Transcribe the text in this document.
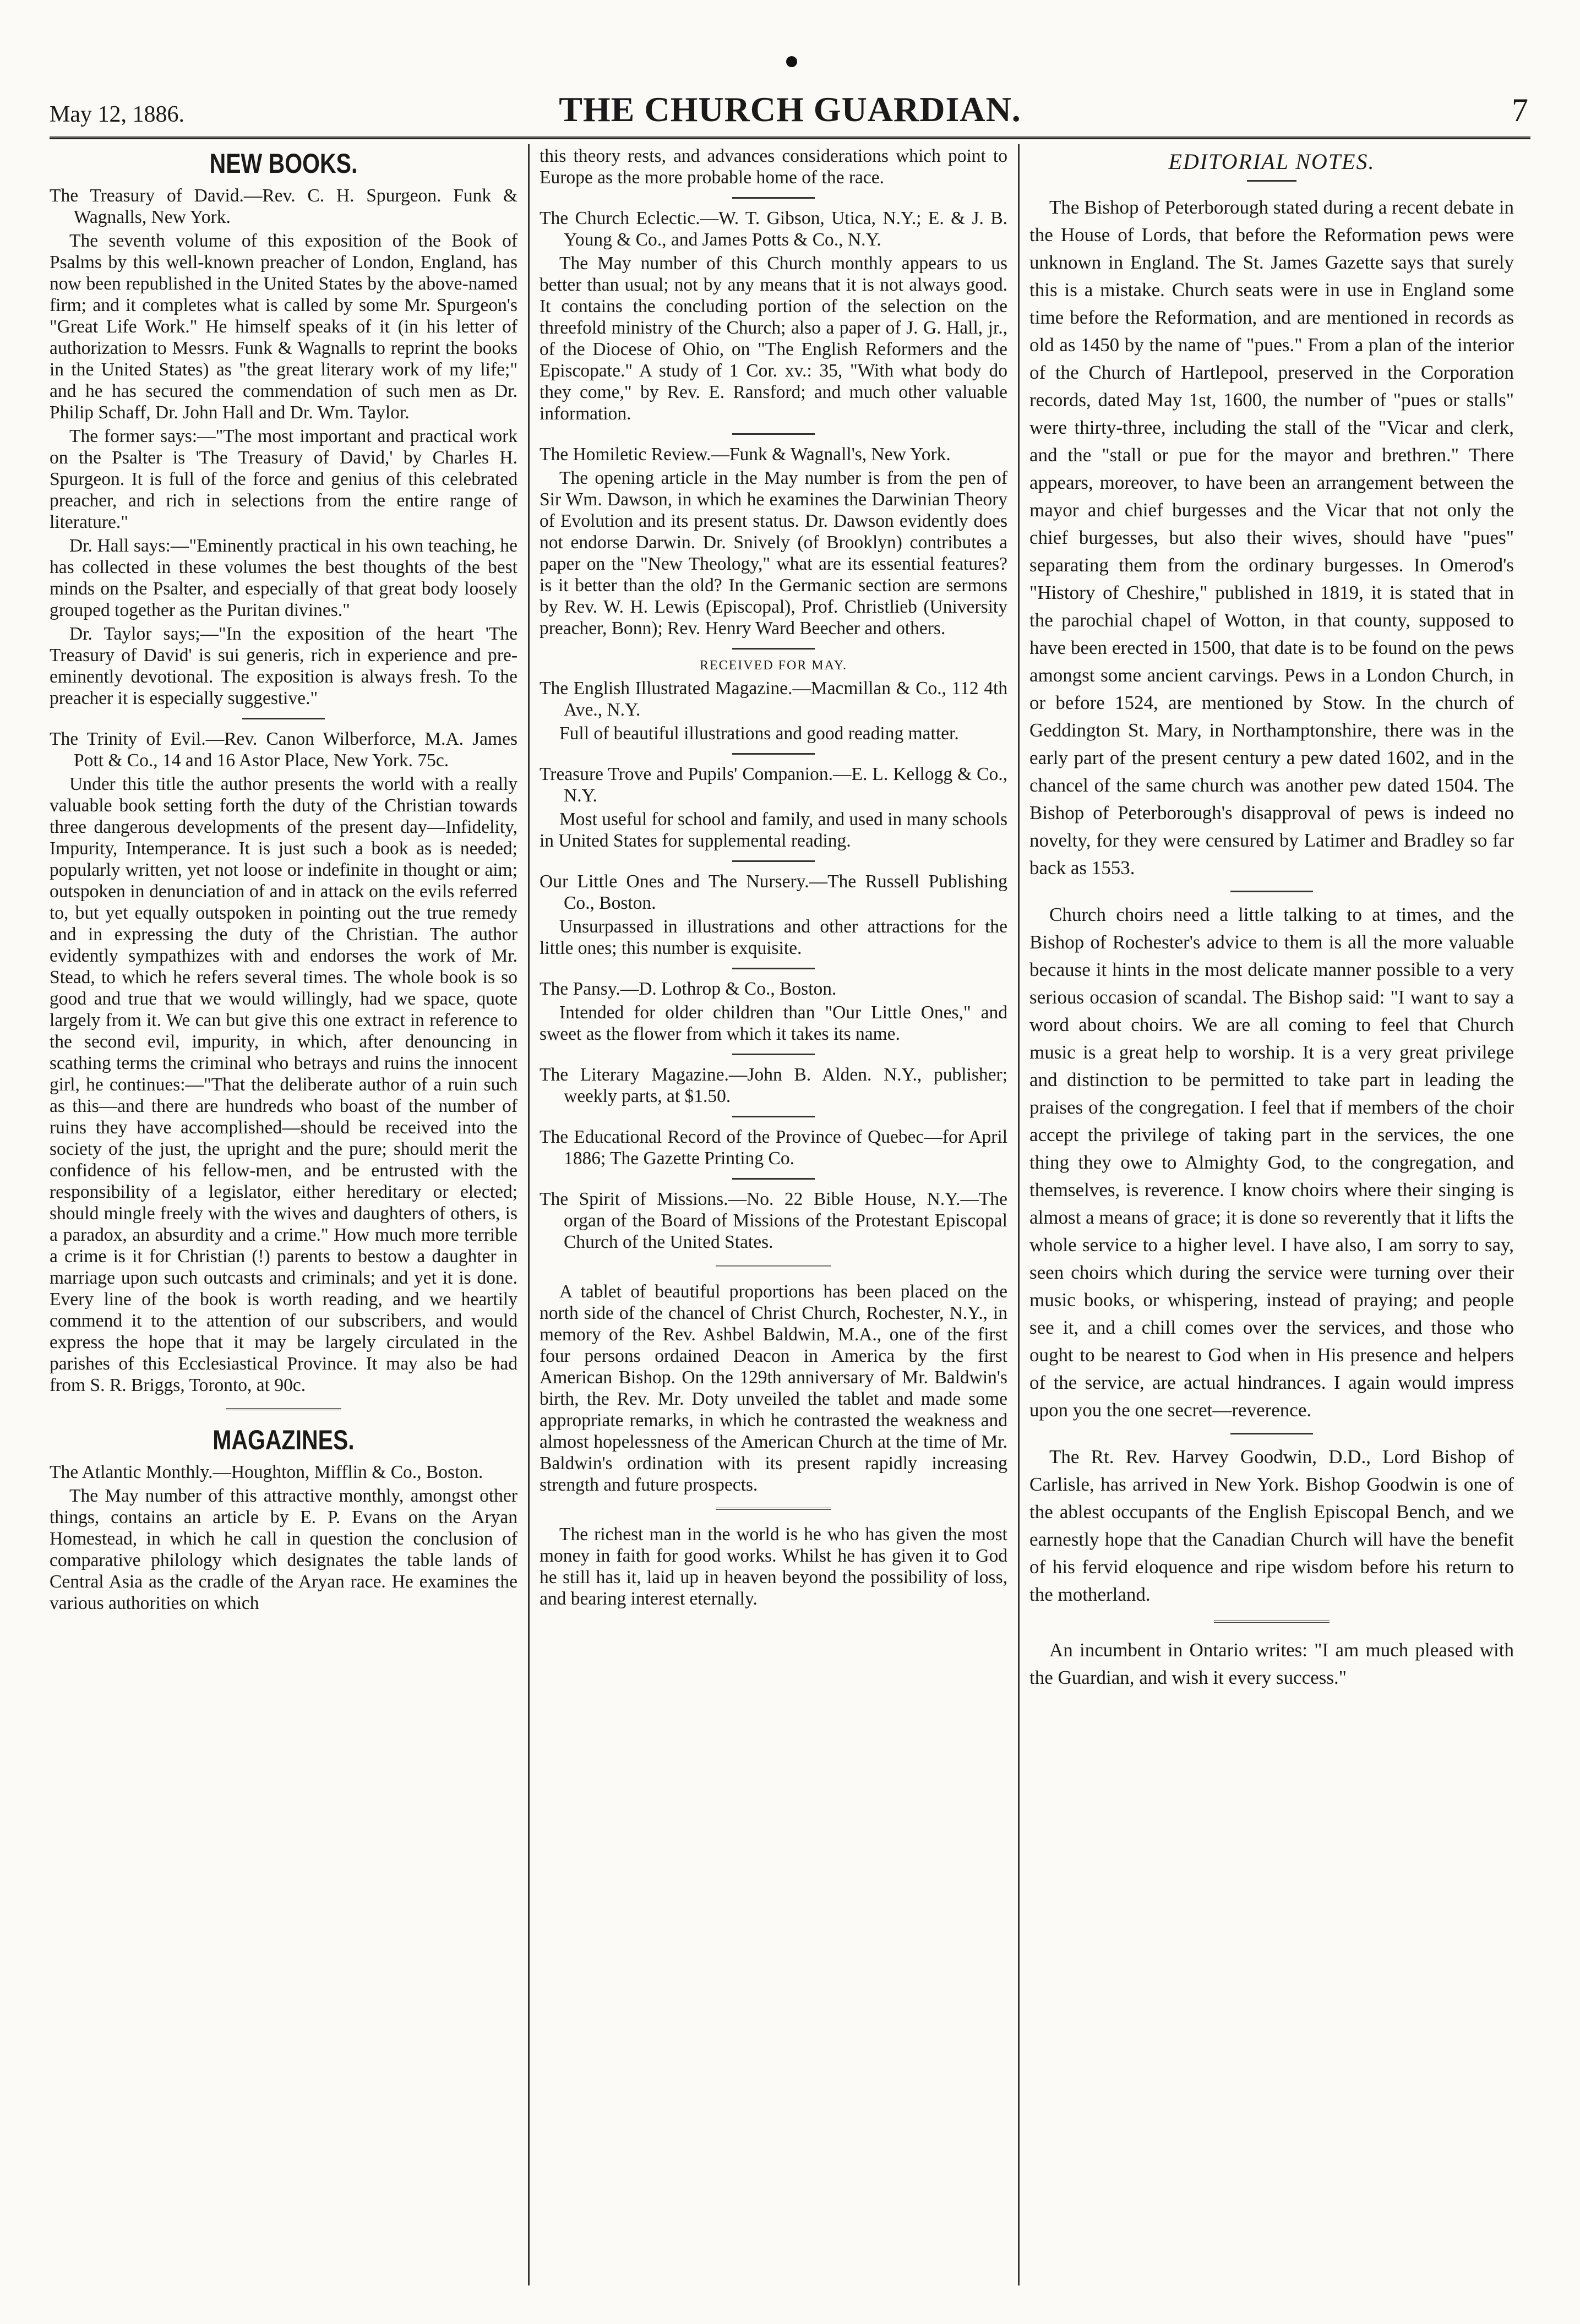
May 12, 1886.	THE CHURCH GUARDIAN.	7
NEW BOOKS.

The Treasury of David.—Rev. C. H. Spurgeon. Funk & Wagnalls, New York.

The seventh volume of this exposition of the Book of Psalms by this well-known preacher of London, England, has now been republished in the United States by the above-named firm; and it completes what is called by some Mr. Spurgeon's "Great Life Work." He himself speaks of it (in his letter of authorization to Messrs. Funk & Wagnalls to reprint the books in the United States) as "the great literary work of my life;" and he has secured the commendation of such men as Dr. Philip Schaff, Dr. John Hall and Dr. Wm. Taylor.

The former says:—"The most important and practical work on the Psalter is 'The Treasury of David,' by Charles H. Spurgeon. It is full of the force and genius of this celebrated preacher, and rich in selections from the entire range of literature."

Dr. Hall says:—"Eminently practical in his own teaching, he has collected in these volumes the best thoughts of the best minds on the Psalter, and especially of that great body loosely grouped together as the Puritan divines."

Dr. Taylor says;—"In the exposition of the heart 'The Treasury of David' is sui generis, rich in experience and pre-eminently devotional. The exposition is always fresh. To the preacher it is especially suggestive."

The Trinity of Evil.—Rev. Canon Wilberforce, M.A. James Pott & Co., 14 and 16 Astor Place, New York. 75c.

Under this title the author presents the world with a really valuable book setting forth the duty of the Christian towards three dangerous developments of the present day—Infidelity, Impurity, Intemperance. It is just such a book as is needed; popularly written, yet not loose or indefinite in thought or aim; outspoken in denunciation of and in attack on the evils referred to, but yet equally outspoken in pointing out the true remedy and in expressing the duty of the Christian. The author evidently sympathizes with and endorses the work of Mr. Stead, to which he refers several times. The whole book is so good and true that we would willingly, had we space, quote largely from it. We can but give this one extract in reference to the second evil, impurity, in which, after denouncing in scathing terms the criminal who betrays and ruins the innocent girl, he continues:—"That the deliberate author of a ruin such as this—and there are hundreds who boast of the number of ruins they have accomplished—should be received into the society of the just, the upright and the pure; should merit the confidence of his fellow-men, and be entrusted with the responsibility of a legislator, either hereditary or elected; should mingle freely with the wives and daughters of others, is a paradox, an absurdity and a crime." How much more terrible a crime is it for Christian (!) parents to bestow a daughter in marriage upon such outcasts and criminals; and yet it is done. Every line of the book is worth reading, and we heartily commend it to the attention of our subscribers, and would express the hope that it may be largely circulated in the parishes of this Ecclesiastical Province. It may also be had from S. R. Briggs, Toronto, at 90c.

MAGAZINES.

The Atlantic Monthly.—Houghton, Mifflin & Co., Boston.

The May number of this attractive monthly, amongst other things, contains an article by E. P. Evans on the Aryan Homestead, in which he call in question the conclusion of comparative philology which designates the table lands of Central Asia as the cradle of the Aryan race. He examines the various authorities on which

this theory rests, and advances considerations which point to Europe as the more probable home of the race.

The Church Eclectic.—W. T. Gibson, Utica, N.Y.; E. & J. B. Young & Co., and James Potts & Co., N.Y.

The May number of this Church monthly appears to us better than usual; not by any means that it is not always good. It contains the concluding portion of the selection on the threefold ministry of the Church; also a paper of J. G. Hall, jr., of the Diocese of Ohio, on "The English Reformers and the Episcopate." A study of 1 Cor. xv.: 35, "With what body do they come," by Rev. E. Ransford; and much other valuable information.

The Homiletic Review.—Funk & Wagnall's, New York.

The opening article in the May number is from the pen of Sir Wm. Dawson, in which he examines the Darwinian Theory of Evolution and its present status. Dr. Dawson evidently does not endorse Darwin. Dr. Snively (of Brooklyn) contributes a paper on the "New Theology," what are its essential features? is it better than the old? In the Germanic section are sermons by Rev. W. H. Lewis (Episcopal), Prof. Christlieb (University preacher, Bonn); Rev. Henry Ward Beecher and others.

RECEIVED FOR MAY.

The English Illustrated Magazine.—Macmillan & Co., 112 4th Ave., N.Y.

Full of beautiful illustrations and good reading matter.

Treasure Trove and Pupils' Companion.—E. L. Kellogg & Co., N.Y.

Most useful for school and family, and used in many schools in United States for supplemental reading.

Our Little Ones and The Nursery.—The Russell Publishing Co., Boston.

Unsurpassed in illustrations and other attractions for the little ones; this number is exquisite.

The Pansy.—D. Lothrop & Co., Boston.

Intended for older children than "Our Little Ones," and sweet as the flower from which it takes its name.

The Literary Magazine.—John B. Alden. N.Y., publisher; weekly parts, at $1.50.

The Educational Record of the Province of Quebec—for April 1886; The Gazette Printing Co.

The Spirit of Missions.—No. 22 Bible House, N.Y.—The organ of the Board of Missions of the Protestant Episcopal Church of the United States.

A tablet of beautiful proportions has been placed on the north side of the chancel of Christ Church, Rochester, N.Y., in memory of the Rev. Ashbel Baldwin, M.A., one of the first four persons ordained Deacon in America by the first American Bishop. On the 129th anniversary of Mr. Baldwin's birth, the Rev. Mr. Doty unveiled the tablet and made some appropriate remarks, in which he contrasted the weakness and almost hopelessness of the American Church at the time of Mr. Baldwin's ordination with its present rapidly increasing strength and future prospects.

The richest man in the world is he who has given the most money in faith for good works. Whilst he has given it to God he still has it, laid up in heaven beyond the possibility of loss, and bearing interest eternally.

EDITORIAL NOTES.

The Bishop of Peterborough stated during a recent debate in the House of Lords, that before the Reformation pews were unknown in England. The St. James Gazette says that surely this is a mistake. Church seats were in use in England some time before the Reformation, and are mentioned in records as old as 1450 by the name of "pues." From a plan of the interior of the Church of Hartlepool, preserved in the Corporation records, dated May 1st, 1600, the number of "pues or stalls" were thirty-three, including the stall of the "Vicar and clerk, and the "stall or pue for the mayor and brethren." There appears, moreover, to have been an arrangement between the mayor and chief burgesses and the Vicar that not only the chief burgesses, but also their wives, should have "pues" separating them from the ordinary burgesses. In Omerod's "History of Cheshire," published in 1819, it is stated that in the parochial chapel of Wotton, in that county, supposed to have been erected in 1500, that date is to be found on the pews amongst some ancient carvings. Pews in a London Church, in or before 1524, are mentioned by Stow. In the church of Geddington St. Mary, in Northamptonshire, there was in the early part of the present century a pew dated 1602, and in the chancel of the same church was another pew dated 1504. The Bishop of Peterborough's disapproval of pews is indeed no novelty, for they were censured by Latimer and Bradley so far back as 1553.

Church choirs need a little talking to at times, and the Bishop of Rochester's advice to them is all the more valuable because it hints in the most delicate manner possible to a very serious occasion of scandal. The Bishop said: "I want to say a word about choirs. We are all coming to feel that Church music is a great help to worship. It is a very great privilege and distinction to be permitted to take part in leading the praises of the congregation. I feel that if members of the choir accept the privilege of taking part in the services, the one thing they owe to Almighty God, to the congregation, and themselves, is reverence. I know choirs where their singing is almost a means of grace; it is done so reverently that it lifts the whole service to a higher level. I have also, I am sorry to say, seen choirs which during the service were turning over their music books, or whispering, instead of praying; and people see it, and a chill comes over the services, and those who ought to be nearest to God when in His presence and helpers of the service, are actual hindrances. I again would impress upon you the one secret—reverence.

The Rt. Rev. Harvey Goodwin, D.D., Lord Bishop of Carlisle, has arrived in New York. Bishop Goodwin is one of the ablest occupants of the English Episcopal Bench, and we earnestly hope that the Canadian Church will have the benefit of his fervid eloquence and ripe wisdom before his return to the motherland.

An incumbent in Ontario writes: "I am much pleased with the Guardian, and wish it every success."
